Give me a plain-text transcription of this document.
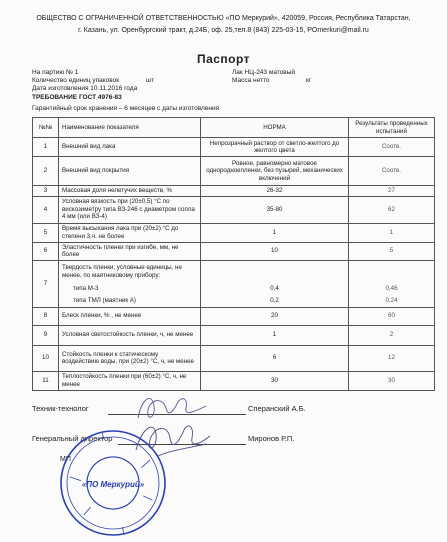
ОБЩЕСТВО С ОГРАНИЧЕННОЙ ОТВЕТСТВЕННОСТЬЮ «ПО Меркурий», 420059, Россия, Республика Татарстан,
г. Казань, ул. Оренбургский тракт, д.24Б, оф. 25,тел.8 (843) 225-03-15, POmerkuri@mail.ru
Паспорт
На партию № 1	Лак НЦ-243 матовый
Количество единиц упаковок	шт	Масса нетто	кг
Дата изготовления 10.11.2016 года
ТРЕБОВАНИЕ ГОСТ 4976-83
Гарантийный срок хранения – 6 месяцев с даты изготовления
№№	Наименование показателя	НОРМА	Результаты проведенных испытаний
1	Внешний вид лака	Непрозрачный раствор от светло-желтого до желтого цвета	Соотв.
2	Внешний вид покрытия	Ровное, равномерно матовое однородноепленки, без пузырей, механических включений	Соотв.
3	Массовая доля нелетучих веществ, %	26-32	27
4	Условная вязкость при (20±0,5) °C по вискозиметру типа ВЗ-246 с диаметром сопла 4 мм (или ВЗ-4)	35-80	62
5	Время высыхания лака при (20±2) °C до степени 3,ч. не более	1	1
6	Эластичность пленки при изгибе, мм, не более	10	5
7	Твердость пленки, условные единицы, не менее, по маятниковому прибору:		
	типа М-3	0,4	0,46
	типа ТМЛ (маятник А)	0,2	0,24
8	Блеск пленки, % , не менее	20	60
9	Условная светостойкость пленки, ч, не менее	1	2
10	Стойкость пленки к статическому воздействию воды, при (20±2) °C, ч, не менее	6	12
11	Теплостойкость пленки при (60±2) °C, ч, не менее	30	30
Техник-технолог	Сперанский А.Б.
Генеральный директор	Миронов Р.П.
МП
«ПО Меркурий»
